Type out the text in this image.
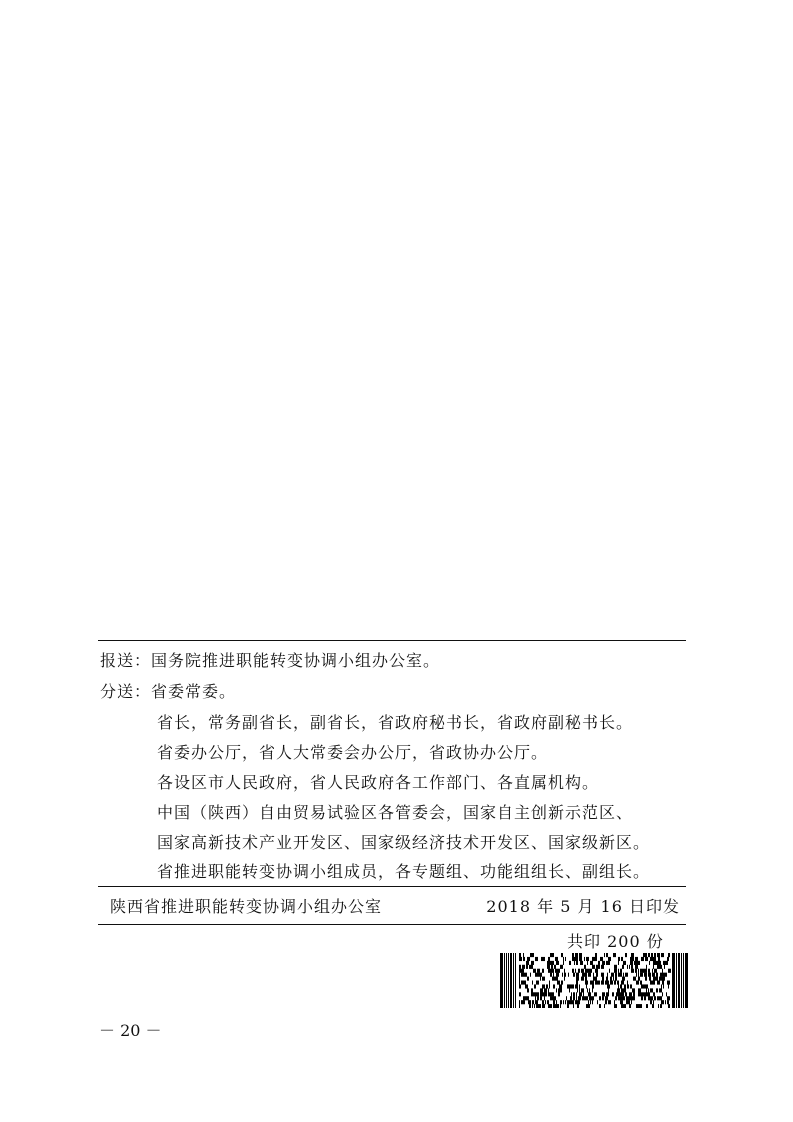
报送：国务院推进职能转变协调小组办公室。
分送：省委常委。
省长，常务副省长，副省长，省政府秘书长，省政府副秘书长。
省委办公厅，省人大常委会办公厅，省政协办公厅。
各设区市人民政府，省人民政府各工作部门、各直属机构。
中国（陕西）自由贸易试验区各管委会，国家自主创新示范区、
国家高新技术产业开发区、国家级经济技术开发区、国家级新区。
省推进职能转变协调小组成员，各专题组、功能组组长、副组长。
陕西省推进职能转变协调小组办公室	2018 年 5 月 16 日印发
共印 200 份
－ 20 －
